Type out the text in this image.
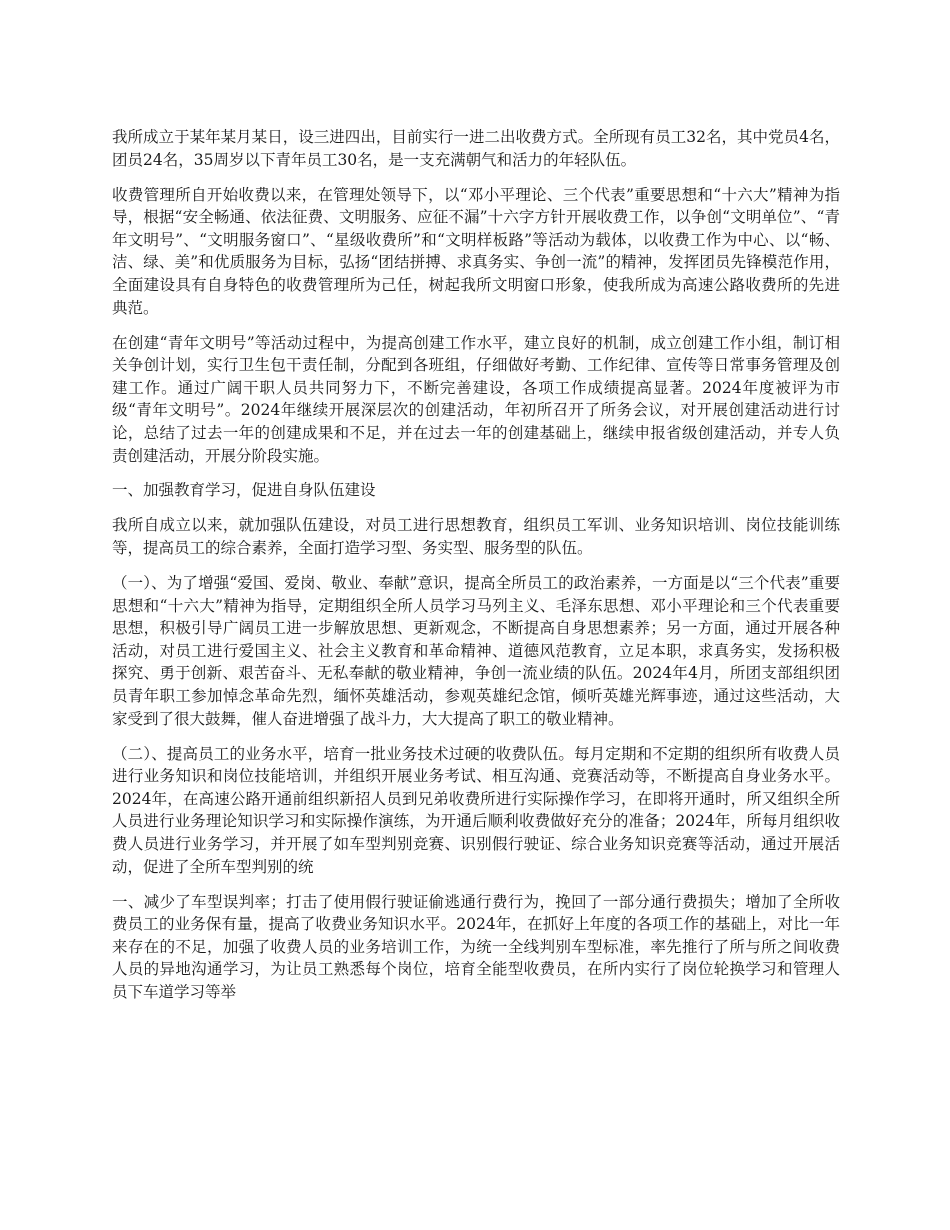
我所成立于某年某月某日，设三进四出，目前实行一进二出收费方式。全所现有员工32名，其中党员4名，团员24名，35周岁以下青年员工30名，是一支充满朝气和活力的年轻队伍。

收费管理所自开始收费以来，在管理处领导下，以“邓小平理论、三个代表”重要思想和“十六大”精神为指导，根据“安全畅通、依法征费、文明服务、应征不漏”十六字方针开展收费工作，以争创“文明单位”、“青年文明号”、“文明服务窗口”、“星级收费所”和“文明样板路”等活动为载体，以收费工作为中心、以“畅、洁、绿、美”和优质服务为目标，弘扬“团结拼搏、求真务实、争创一流”的精神，发挥团员先锋模范作用，全面建设具有自身特色的收费管理所为己任，树起我所文明窗口形象，使我所成为高速公路收费所的先进典范。

在创建“青年文明号”等活动过程中，为提高创建工作水平，建立良好的机制，成立创建工作小组，制订相关争创计划，实行卫生包干责任制，分配到各班组，仔细做好考勤、工作纪律、宣传等日常事务管理及创建工作。通过广阔干职人员共同努力下，不断完善建设，各项工作成绩提高显著。2024年度被评为市级“青年文明号”。2024年继续开展深层次的创建活动，年初所召开了所务会议，对开展创建活动进行讨论，总结了过去一年的创建成果和不足，并在过去一年的创建基础上，继续申报省级创建活动，并专人负责创建活动，开展分阶段实施。

一、加强教育学习，促进自身队伍建设

我所自成立以来，就加强队伍建设，对员工进行思想教育，组织员工军训、业务知识培训、岗位技能训练等，提高员工的综合素养，全面打造学习型、务实型、服务型的队伍。

（一）、为了增强“爱国、爱岗、敬业、奉献”意识，提高全所员工的政治素养，一方面是以“三个代表”重要思想和“十六大”精神为指导，定期组织全所人员学习马列主义、毛泽东思想、邓小平理论和三个代表重要思想，积极引导广阔员工进一步解放思想、更新观念，不断提高自身思想素养；另一方面，通过开展各种活动，对员工进行爱国主义、社会主义教育和革命精神、道德风范教育，立足本职，求真务实，发扬积极探究、勇于创新、艰苦奋斗、无私奉献的敬业精神，争创一流业绩的队伍。2024年4月，所团支部组织团员青年职工参加悼念革命先烈，缅怀英雄活动，参观英雄纪念馆，倾听英雄光辉事迹，通过这些活动，大家受到了很大鼓舞，催人奋进增强了战斗力，大大提高了职工的敬业精神。

（二）、提高员工的业务水平，培育一批业务技术过硬的收费队伍。每月定期和不定期的组织所有收费人员进行业务知识和岗位技能培训，并组织开展业务考试、相互沟通、竞赛活动等，不断提高自身业务水平。2024年，在高速公路开通前组织新招人员到兄弟收费所进行实际操作学习，在即将开通时，所又组织全所人员进行业务理论知识学习和实际操作演练，为开通后顺利收费做好充分的准备；2024年，所每月组织收费人员进行业务学习，并开展了如车型判别竞赛、识别假行驶证、综合业务知识竞赛等活动，通过开展活动，促进了全所车型判别的统

一、减少了车型误判率；打击了使用假行驶证偷逃通行费行为，挽回了一部分通行费损失；增加了全所收费员工的业务保有量，提高了收费业务知识水平。2024年，在抓好上年度的各项工作的基础上，对比一年来存在的不足，加强了收费人员的业务培训工作，为统一全线判别车型标准，率先推行了所与所之间收费人员的异地沟通学习，为让员工熟悉每个岗位，培育全能型收费员，在所内实行了岗位轮换学习和管理人员下车道学习等举
